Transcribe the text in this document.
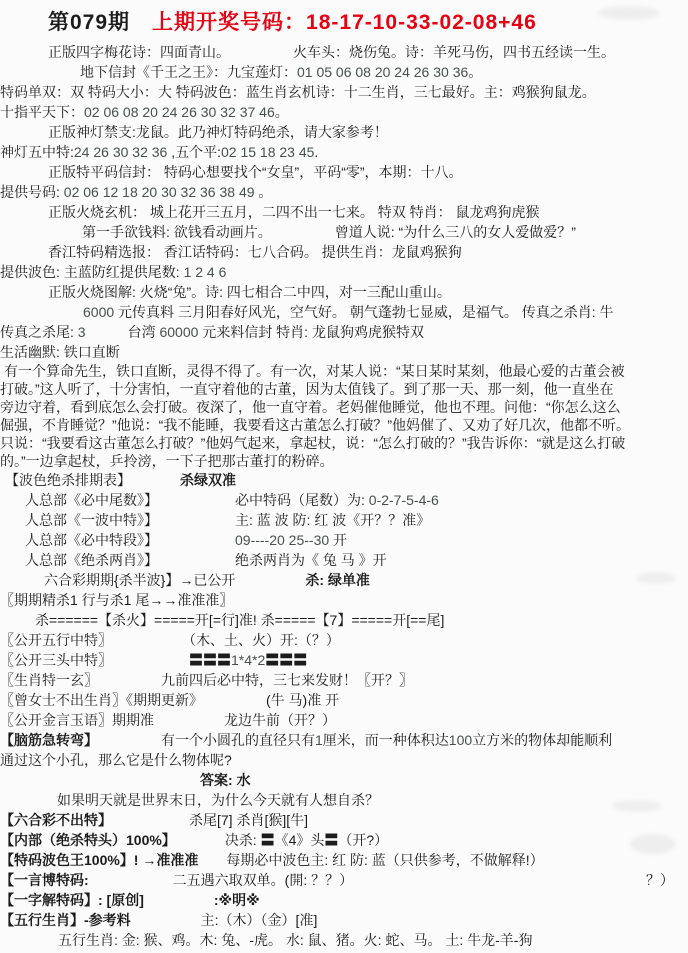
第079期　 上期开奖号码：18-17-10-33-02-08+46
正版四字梅花诗：四面青山。　　　　　	火车头：烧伤兔。诗：羊死马伤，四书五经读一生。
地下信封《千王之王》：九宝莲灯：01 05 06 08 20 24 26 30 36。
特码单双：双 特码大小：大 特码波色：蓝生肖玄机诗：十二生肖，三七最好。主：鸡猴狗鼠龙。
十指平天下：02 06 08 20 24 26 30 32 37 46。
正版神灯禁支:龙鼠。此乃神灯特码绝杀，请大家参考！
神灯五中特:24 26 30 32 36 ,五个平:02 15 18 23 45.
正版特平码信封： 特码心想要找个“女皇”，平码“零”，本期：十八。
提供号码: 02 06 12 18 20 30 32 36 38 49 。
正版火烧玄机： 城上花开三五月，二四不出一七来。 特双 特肖： 鼠龙鸡狗虎猴
第一手欲钱料: 欲钱看动画片。　　　　　	曾道人说: “为什么三八的女人爱做爱？”
香江特码精选报： 香江话特码：七八合码。 提供生肖：龙鼠鸡猴狗
提供波色: 主蓝防红提供尾数: 1 2 4 6
正版火烧图解: 火烧“兔”。诗: 四七相合二中四，对一三配山重山。
6000 元传真料 三月阳春好风光，空气好。 朝气蓬勃七显威，是福气。 传真之杀肖: 牛
传真之杀尾: 3　　　台湾 60000 元来料信封 特肖: 龙鼠狗鸡虎猴特双
生活幽默: 铁口直断
有一个算命先生，铁口直断，灵得不得了。有一次，对某人说：“某日某时某刻，他最心爱的古董会被
打破。”这人听了，十分害怕，一直守着他的古董，因为太值钱了。到了那一天、那一刻，他一直坐在
旁边守着，看到底怎么会打破。夜深了，他一直守着。老妈催他睡觉，他也不理。问他：“你怎么这么
倔强，不肯睡觉？”他说：“我不能睡，我要看这古董怎么打破？”他妈催了、又劝了好几次，他都不听。
只说：“我要看这古董怎么打破？”他妈气起来，拿起杖，说：“怎么打破的？”我告诉你：“就是这么打破
的。”一边拿起杖，乒拎滂，一下子把那古董打的粉碎。
【波色绝杀排期表】　　　　	杀绿双准
人总部《必中尾数》】　　　　　　	必中特码（尾数）为: 0-2-7-5-4-6
人总部《一波中特》】　　　　　　	主: 蓝 波 防: 红 波《开？？准》
人总部《必中特段》】　　　　　　	09----20 25--30 开
人总部《绝杀两肖》】　　　　　　	绝杀两肖为《 兔 马 》开
六合彩期期{杀半波}】→已公开　　　　　	杀: 绿单准
〖期期精杀1 行与杀1 尾→→准准准〗
杀======【杀火】=====开[=行]准! 杀=====【7】=====开[==尾]
〖公开五行中特〗　　　　　　	（木、土、火）开:（？）
〖公开三头中特〗　　　　　　	〓〓〓1*4*2〓〓〓
〖生肖特一玄〗　　　　　	九前四后必中特，三七来发财！〖开？〗
〖曾女士不出生肖〗《期期更新》　　　　　	(牛 马)准 开
〖公开金言玉语〗期期准　　　　　	龙边牛前（开？）
【脑筋急转弯】　　　　　	有一个小圆孔的直径只有1厘米，而一种体积达100立方米的物体却能顺利
通过这个小孔，那么它是什么物体呢?
答案: 水
如果明天就是世界末日，为什么今天就有人想自杀？
【六合彩不出特】　　　　　　	杀尾[7] 杀肖[猴][牛]
【内部（绝杀特头）100%】　　　　	决杀: 〓《4》头〓（开?）
【特码波色王100%】! →准准准　　 每期必中波色主: 红 防: 蓝（只供参考，不做解释!）
【一言博特码:　　　　　　	二五遇六取双单。(開: ？？）	？）
【一字解特码】: [原创]　　　　　	:※明※
【五行生肖】-参考料　　　　　	主:（木）（金）[准]
五行生肖: 金: 猴、鸡。木: 兔、-虎。 水: 鼠、猪。火: 蛇、马。 土: 牛龙-羊-狗
